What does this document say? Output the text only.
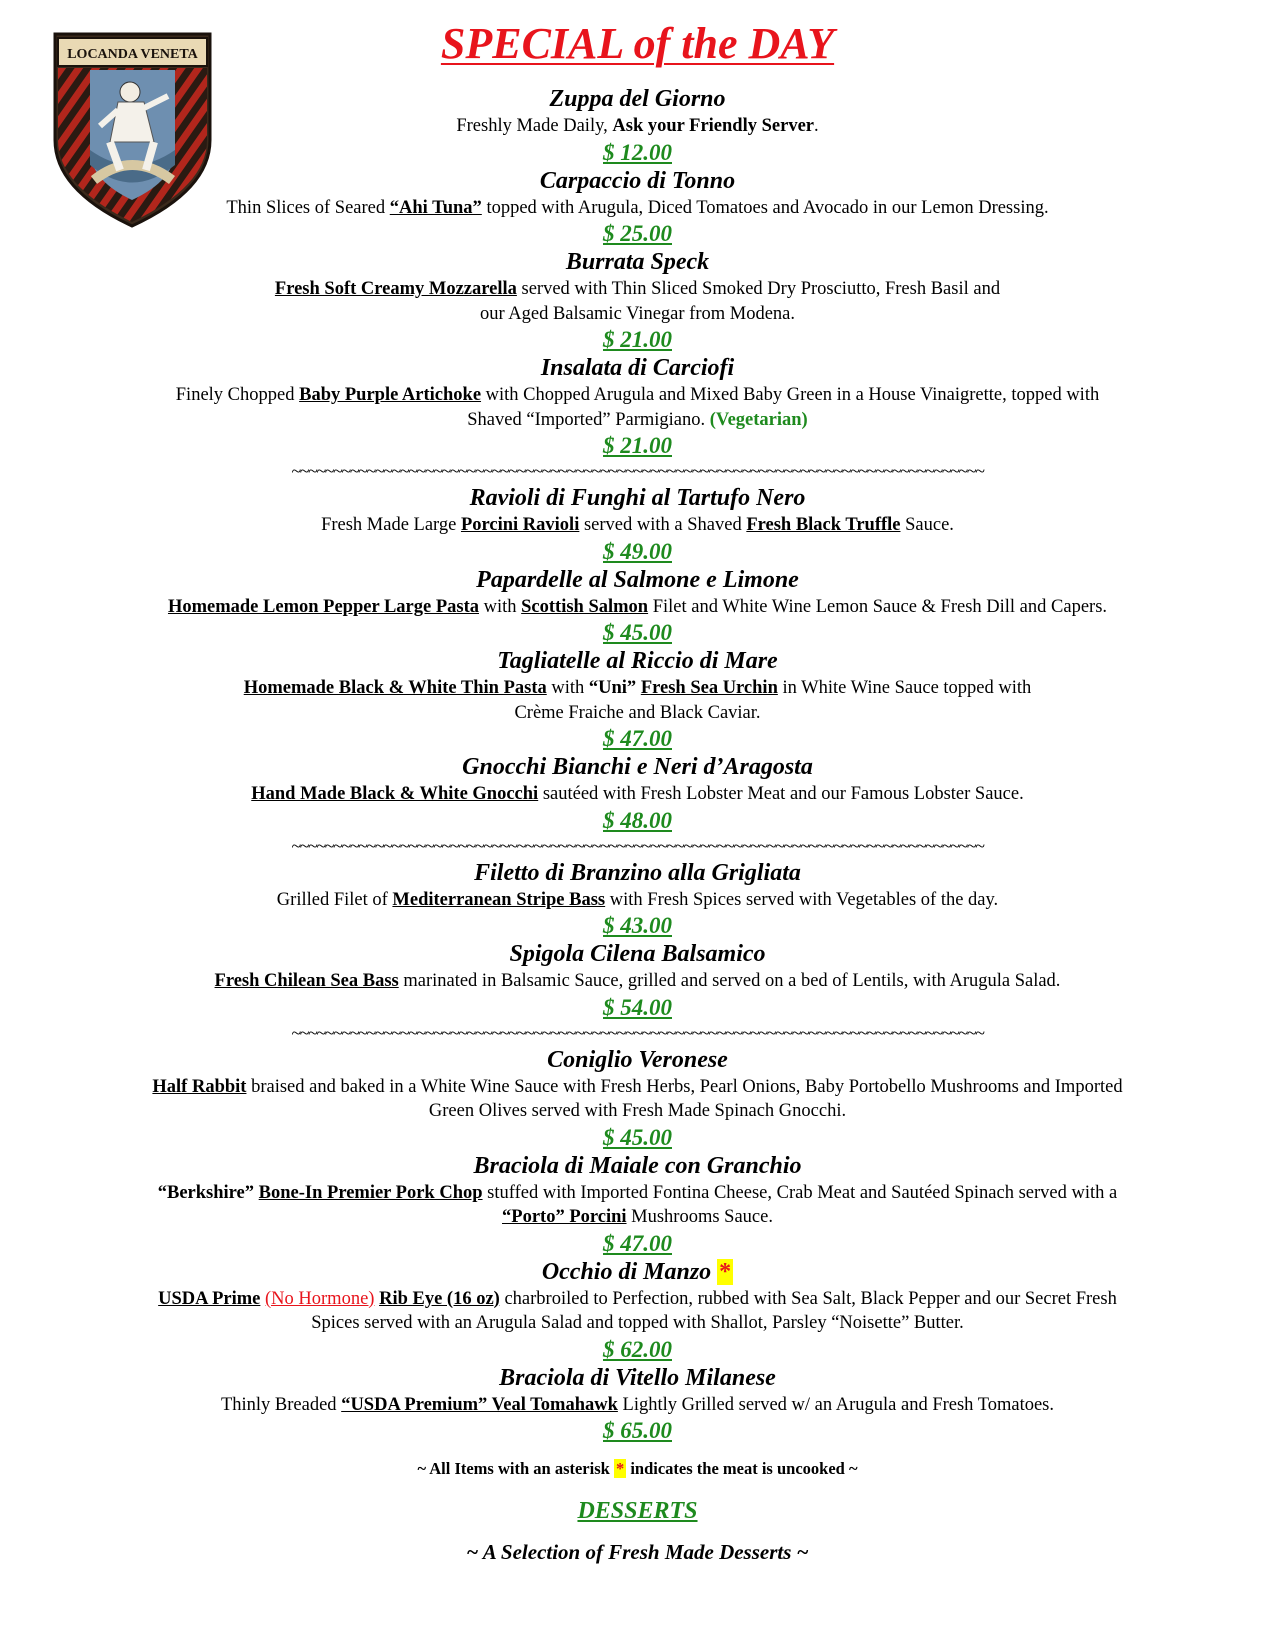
LOCANDA VENETA	SPECIAL of the DAY
Zuppa del Giorno
Freshly Made Daily, Ask your Friendly Server.
$ 12.00
Carpaccio di Tonno
Thin Slices of Seared “Ahi Tuna” topped with Arugula, Diced Tomatoes and Avocado in our Lemon Dressing.
$ 25.00
Burrata Speck
Fresh Soft Creamy Mozzarella served with Thin Sliced Smoked Dry Prosciutto, Fresh Basil and
our Aged Balsamic Vinegar from Modena.
$ 21.00
Insalata di Carciofi
Finely Chopped Baby Purple Artichoke with Chopped Arugula and Mixed Baby Green in a House Vinaigrette, topped with
Shaved “Imported” Parmigiano. (Vegetarian)
$ 21.00
~~~~~~~~~~~~~~~~~~~~~~~~~~~~~~~~~~~~~~~~~~~~~~~~~~~~~~~~~~~~~~~~~~~~~~~~~~~~~~~~~~~
Ravioli di Funghi al Tartufo Nero
Fresh Made Large Porcini Ravioli served with a Shaved Fresh Black Truffle Sauce.
$ 49.00
Papardelle al Salmone e Limone
Homemade Lemon Pepper Large Pasta with Scottish Salmon Filet and White Wine Lemon Sauce & Fresh Dill and Capers.
$ 45.00
Tagliatelle al Riccio di Mare
Homemade Black & White Thin Pasta with “Uni” Fresh Sea Urchin in White Wine Sauce topped with
Crème Fraiche and Black Caviar.
$ 47.00
Gnocchi Bianchi e Neri d’Aragosta
Hand Made Black & White Gnocchi sautéed with Fresh Lobster Meat and our Famous Lobster Sauce.
$ 48.00
~~~~~~~~~~~~~~~~~~~~~~~~~~~~~~~~~~~~~~~~~~~~~~~~~~~~~~~~~~~~~~~~~~~~~~~~~~~~~~~~~~~
Filetto di Branzino alla Grigliata
Grilled Filet of Mediterranean Stripe Bass with Fresh Spices served with Vegetables of the day.
$ 43.00
Spigola Cilena Balsamico
Fresh Chilean Sea Bass marinated in Balsamic Sauce, grilled and served on a bed of Lentils, with Arugula Salad.
$ 54.00
~~~~~~~~~~~~~~~~~~~~~~~~~~~~~~~~~~~~~~~~~~~~~~~~~~~~~~~~~~~~~~~~~~~~~~~~~~~~~~~~~~~
Coniglio Veronese
Half Rabbit braised and baked in a White Wine Sauce with Fresh Herbs, Pearl Onions, Baby Portobello Mushrooms and Imported
Green Olives served with Fresh Made Spinach Gnocchi.
$ 45.00
Braciola di Maiale con Granchio
“Berkshire” Bone-In Premier Pork Chop stuffed with Imported Fontina Cheese, Crab Meat and Sautéed Spinach served with a
“Porto” Porcini Mushrooms Sauce.
$ 47.00
Occhio di Manzo *
USDA Prime (No Hormone) Rib Eye (16 oz) charbroiled to Perfection, rubbed with Sea Salt, Black Pepper and our Secret Fresh
Spices served with an Arugula Salad and topped with Shallot, Parsley “Noisette” Butter.
$ 62.00
Braciola di Vitello Milanese
Thinly Breaded “USDA Premium” Veal Tomahawk Lightly Grilled served w/ an Arugula and Fresh Tomatoes.
$ 65.00
~ All Items with an asterisk * indicates the meat is uncooked ~
DESSERTS
~ A Selection of Fresh Made Desserts ~
